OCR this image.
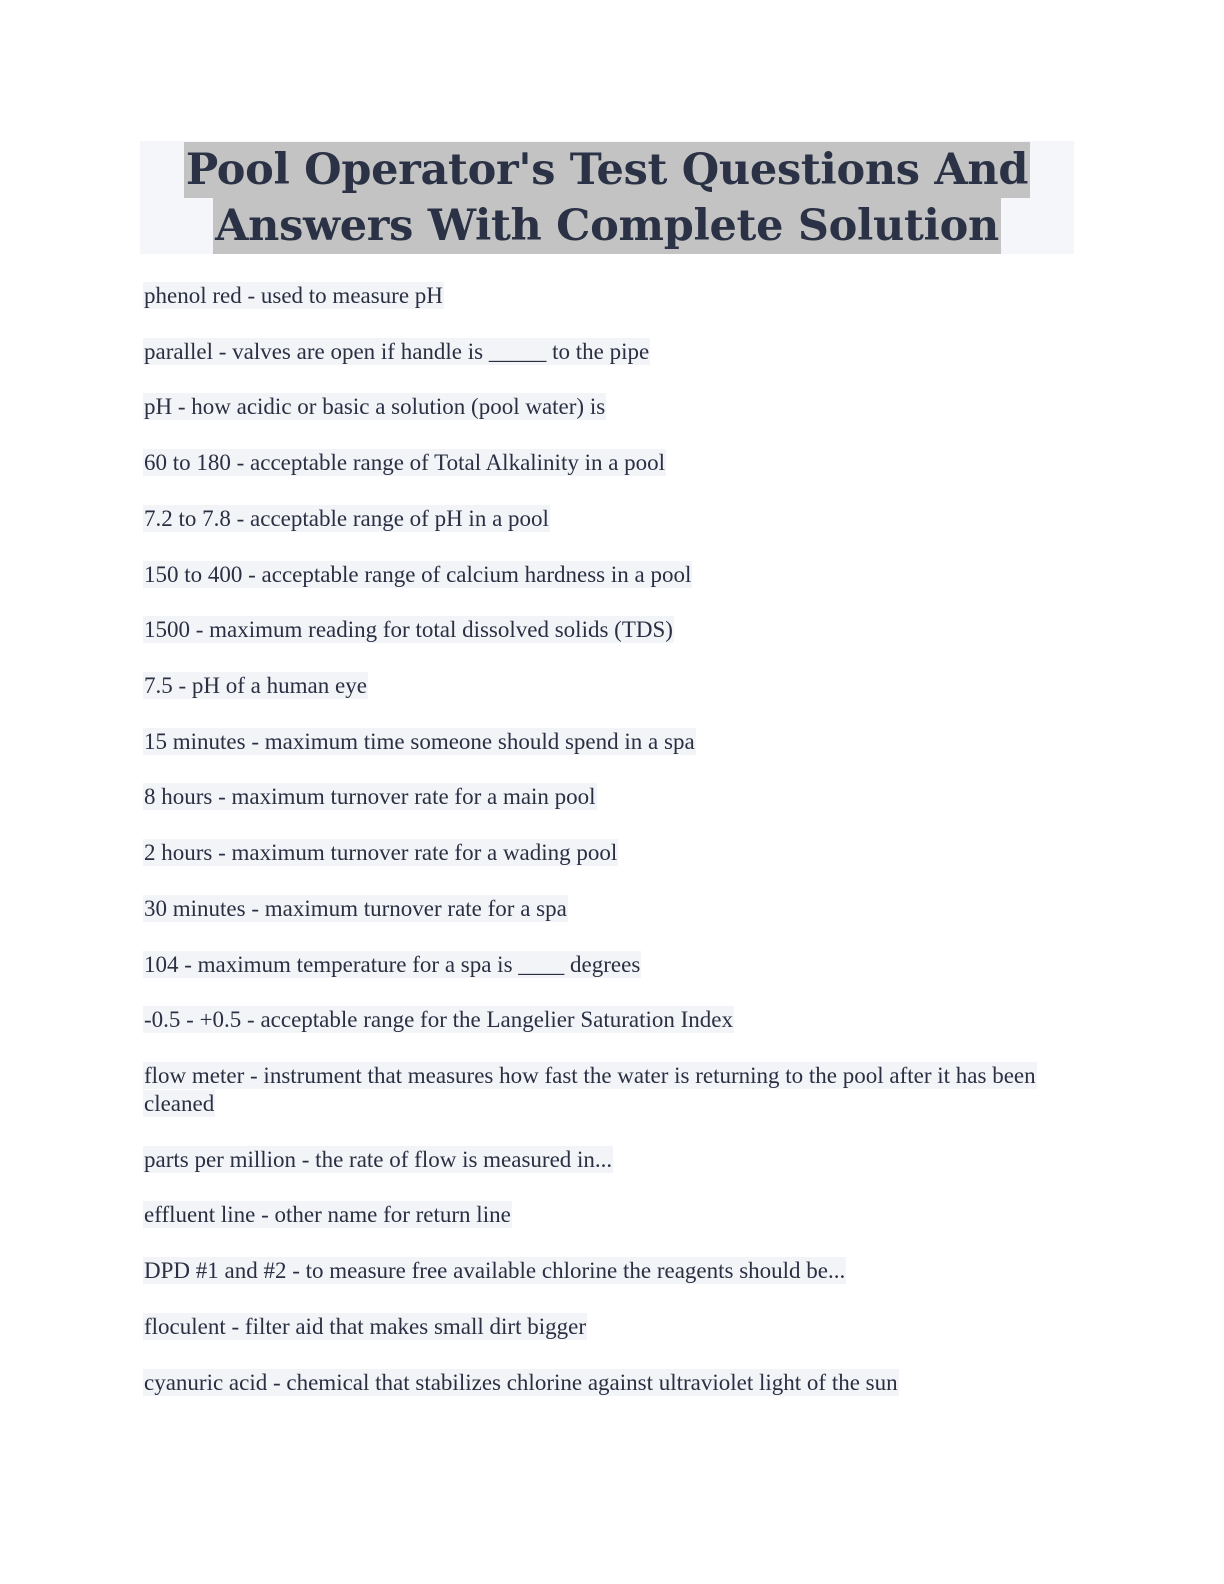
Pool Operator's Test Questions And
Answers With Complete Solution
phenol red - used to measure pH
parallel - valves are open if handle is _____ to the pipe
pH - how acidic or basic a solution (pool water) is
60 to 180 - acceptable range of Total Alkalinity in a pool
7.2 to 7.8 - acceptable range of pH in a pool
150 to 400 - acceptable range of calcium hardness in a pool
1500 - maximum reading for total dissolved solids (TDS)
7.5 - pH of a human eye
15 minutes - maximum time someone should spend in a spa
8 hours - maximum turnover rate for a main pool
2 hours - maximum turnover rate for a wading pool
30 minutes - maximum turnover rate for a spa
104 - maximum temperature for a spa is ____ degrees
-0.5 - +0.5 - acceptable range for the Langelier Saturation Index
flow meter - instrument that measures how fast the water is returning to the pool after it has been cleaned
parts per million - the rate of flow is measured in...
effluent line - other name for return line
DPD #1 and #2 - to measure free available chlorine the reagents should be...
floculent - filter aid that makes small dirt bigger
cyanuric acid - chemical that stabilizes chlorine against ultraviolet light of the sun
